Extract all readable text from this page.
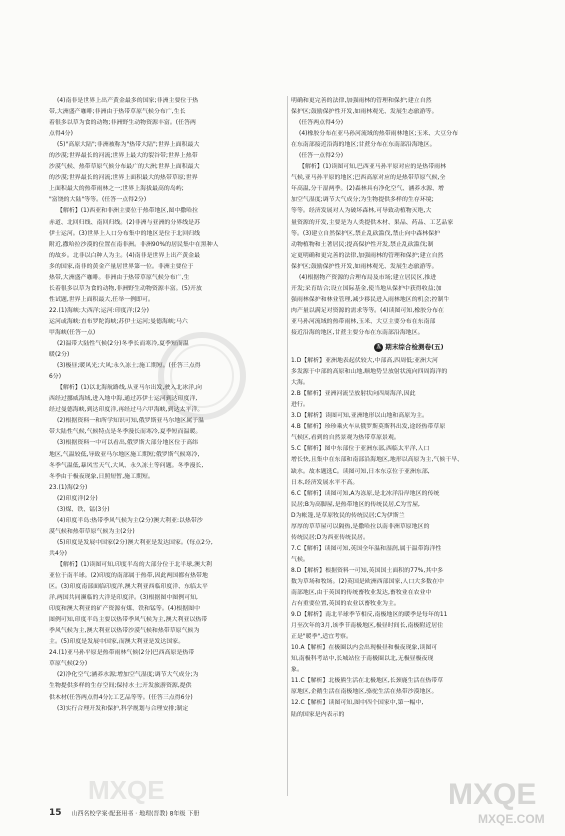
(4)南非是世界上出产黄金最多的国家;非洲主要位于热
带,大洲盛产咖啡;非洲由于热带草原气候分布广,生长
着很多以草为食的动物;非洲野生动物资源丰富。(任答两
点得4分)
(5)"高原大陆";非洲被称为"热带大陆";世界上面积最大
的沙漠;世界最长的河流;世界上最大的裂谷带;世界上热带
沙漠气候、热带草原气候分布最广的大洲;世界上面积最大
的沙漠;世界最长的河流;世界上面积最大的热带草原;世界
上面积最大的热带雨林之一;世界上海拔最高的岛屿;
"富饶的大陆"等等。(任答一点得2分)
【解析】(1)西亚和非洲主要位于热带地区,图中撒哈拉
赤道、北回归线、南回归线。(2)非洲与亚洲的分界线是苏
伊士运河。(3)世界上人口分布集中的地区是位于北回归线
附近,撒哈拉沙漠的位置在南非洲。非洲90%的居民集中在黑种人
的故乡。北非以白种人为主。(4)南非是世界上出产黄金最
多的国家,南非的黄金产量居世界第一位。非洲主要位于
热带,大洲盛产咖啡。非洲由于热带草原气候分布广,生
长着很多以草为食的动物,非洲野生动物资源丰富。(5)开放
性试题,世界上面积最大,任举一例即可。
22.(1)海峡:大西洋;运河:印度洋;(2分)
运河或海峡:直布罗陀海峡;苏伊士运河;曼德海峡;马六
甲海峡(任答一点)
(2)温带大陆性气候(2分)冬季长而寒冷,夏季短而温
暖(2分)
(3)极昼;暖风光;大风;永久冻土;施工期短。(任答三点得
6分)
【解析】(1)以北海航路线,从亚马尔出发,驶入北冰洋,向
西经过挪威海域,进入地中海,通过苏伊士运河到达印度洋,
经过曼德海峡,到达印度洋,再经过马六甲海峡,到达太平洋。
(2)根据资料一和所学知识可知,俄罗斯亚马尔地区属于温
带大陆性气候,气候特点是冬季漫长而寒冷,夏季短而温暖。
(3)根据资料一中可以看出,俄罗斯大部分地区位于高纬
地区,气温较低,导致亚马尔地区施工期短;俄罗斯气候寒冷,
冬季气温低,暴风雪天气,大风、永久冻土等问题。冬季漫长,
冬季由于极夜现象,日照短暂,施工期短。
23.(1)海(2分)
(2)印度洋(2分)
(3)煤、铁、锰(3分)
(4)印度半岛:热带季风气候为主(2分)澳大利亚:以热带沙
漠气候和热带草原气候为主(2分)
(5)印度是发展中国家(2分)澳大利亚是发达国家。(每点2分,
共4分)
【解析】(1)读图可知,印度半岛的大部分位于北半球,澳大利
亚位于南半球。(2)印度的南部属于热带,因此两国都有热带地
区。(3)印度南部面临印度洋,澳大利亚西临印度洋、东临太平
洋,两国共同濒临的大洋是印度洋。(3)根据图中图例可知,
印度和澳大利亚的矿产资源有煤、铁和锰等。(4)根据图中
图例可知,印度半岛主要以热带季风气候为主,澳大利亚以热带
季风气候为主,澳大利亚以热带沙漠气候和热带草原气候为
主。(5)印度是发展中国家,而澳大利亚是发达国家。
24.(1)亚马孙平原是热带雨林气候(2分)巴西高原是热带
草原气候(2分)
(2)净化空气;涵养水源;增加空气湿度;调节大气成分;为
生物提供多样的生存空间;保持水土;开发旅游资源,提供
供木材(任答两点得4分);工艺品等等。(任答三点得6分)
(3)实行合理开发和保护,科学规划与合理安排;制定
明确和更完善的法律,加强雨林的管理和保护;建立自然
保护区;鼓励保护性开发,如雨林观光、发展生态旅游等。
(任答两点得4分)
(4)橡胶分布在亚马孙河流域的热带雨林地区;玉米、大豆分布
在东南部接近沿海的地区;甘蔗分布在东南部沿海地区。
(任答一点得2分)
【解析】(1)读图可知,巴西亚马孙平原对应的是热带雨林
气候,亚马孙平原的地区;巴西高原对应的是热带草原气候,全
年高温,分干湿两季。(2)森林具有净化空气、涵养水源、增
加空气湿度;调节大气成分;为生物提供多样的生存环境;
等等。经济发展对人为破坏森林,可导致动植物灭绝,大
量资源的开发,主要是为人类提供木材、果品、药品、工艺品家
等。(3)建立自然保护区,禁止乱砍滥伐,禁止向中森林保护
动物植物和土著居民;提高保护性开发,禁止乱砍滥伐;制
定更明确和更完善的法律,加强雨林的管理和保护;建立自然
保护区;鼓励保护性开发,如雨林观光、发展生态旅游等。
(4)根据物产资源的合理布局及市场;建立居民区,推进
开发;采育结合;设立国际基金,使当地从保护中获得收益;加
强雨林保护和林业管理,减少移民进入雨林地区的机会;控制牛
肉产量以满足对资源的需求等等。(4)读图可知,橡胶分布在
亚马孙河流域的热带雨林,玉米、大豆主要分布在东南部
接近沿海的地区,甘蔗主要分布在东南部沿海地区。
五 期末综合检测卷(五)
1.D【解析】亚洲地表起伏较大,中部高,四周低;亚洲大河
多发源于中部的高原和山地,顺地势呈放射状流向四周海洋的
大海。
2.B【解析】亚洲河流呈放射状向四周海洋,因此
进行。
3.D【解析】读图可知,亚洲地形以山地和高原为主。
4.B【解析】珍珍乘火车从俄罗斯莫斯科出发,途经热带草原
气候区,看到的自然景观为热带草原景观。
5.C【解析】图中东部位于亚洲东部,西临太平洋,人口
增长快,且集中在东部和南部沿海地区,地形以高原为主,气候干旱、
缺水。故本题选C。读图可知,日本东京位于亚洲东部,
日本,经济发展水平不高。
6.C【解析】读图可知,A为冻原,是北冰洋沿岸地区的传统
民居;B为高脚屋,是热带地区的传统民居,C为雪屋,
D为帐篷,是草原牧民的传统民居;C为伊斯兰
厚厚的草草屋可以隔热,是撒哈拉以南非洲草原地区的
传统民居;D为西亚传统民居。
7.C【解析】读图可知,英国全年温和湿润,属于温带海洋性
气候。
8.D【解析】根据资料一可知,英国国土面积的77%,其中多
数为草场和牧场。(2)英国是欧洲西部国家,人口大多数在中
南部地区,由于英国的传统畜牧业发达,畜牧业在农业中
占有重要位置,英国的农业以畜牧业为主。
9.D【解析】南北半球季节相反,南极地区的暖季是每年的11
月至次年的3月,该季节南极地区,极昼时间长,南极附近居住
正是"暖季",适宜考察。
10.A【解析】在极圈以内会出现极昼和极夜现象,读图可
知,南极科考站中,长城站位于南极圈以北,无极昼极夜现
象。
11.C【解析】北极熊生活在北极地区,长颈鹿生活在热带草
原地区,企鹅生活在南极地区,骆驼生活在热带沙漠地区。
12.C【解析】读图可知,图中四个国家中,第一幅中,
陆的国家是内表示的
15 山西名校学案·配套用书 · 地理(晋教) 8年级 下册
MXQE	MXQE
MXQE.COM
